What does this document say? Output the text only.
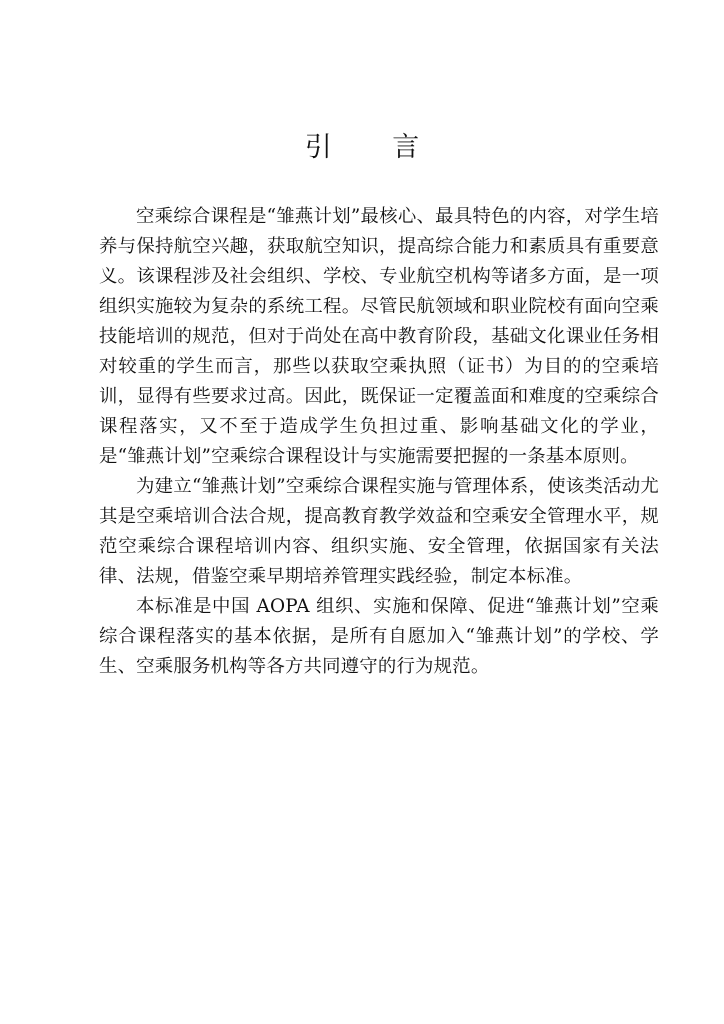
引 言

空乘综合课程是“雏燕计划”最核心、最具特色的内容，对学生培养与保持航空兴趣，获取航空知识，提高综合能力和素质具有重要意义。该课程涉及社会组织、学校、专业航空机构等诸多方面，是一项组织实施较为复杂的系统工程。尽管民航领域和职业院校有面向空乘技能培训的规范，但对于尚处在高中教育阶段，基础文化课业任务相对较重的学生而言，那些以获取空乘执照（证书）为目的的空乘培训，显得有些要求过高。因此，既保证一定覆盖面和难度的空乘综合课程落实，又不至于造成学生负担过重、影响基础文化的学业，是“雏燕计划”空乘综合课程设计与实施需要把握的一条基本原则。

为建立“雏燕计划”空乘综合课程实施与管理体系，使该类活动尤其是空乘培训合法合规，提高教育教学效益和空乘安全管理水平，规范空乘综合课程培训内容、组织实施、安全管理，依据国家有关法律、法规，借鉴空乘早期培养管理实践经验，制定本标准。

本标准是中国 AOPA 组织、实施和保障、促进“雏燕计划”空乘综合课程落实的基本依据，是所有自愿加入“雏燕计划”的学校、学生、空乘服务机构等各方共同遵守的行为规范。
